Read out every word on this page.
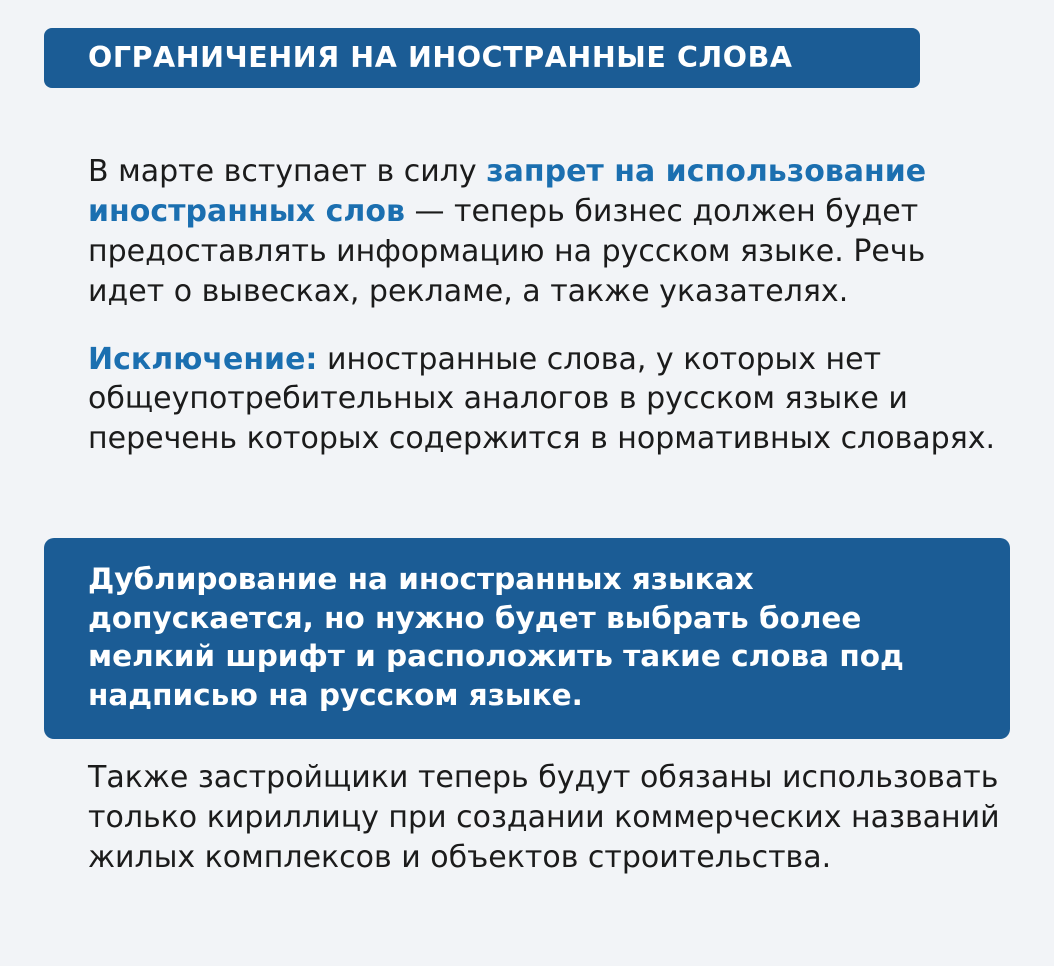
ОГРАНИЧЕНИЯ НА ИНОСТРАННЫЕ СЛОВА

В марте вступает в силу запрет на использование иностранных слов — теперь бизнес должен будет предоставлять информацию на русском языке. Речь идет о вывесках, рекламе, а также указателях.

Исключение: иностранные слова, у которых нет общеупотребительных аналогов в русском языке и перечень которых содержится в нормативных словарях.

Дублирование на иностранных языках допускается, но нужно будет выбрать более мелкий шрифт и расположить такие слова под надписью на русском языке.

Также застройщики теперь будут обязаны использовать только кириллицу при создании коммерческих названий жилых комплексов и объектов строительства.
